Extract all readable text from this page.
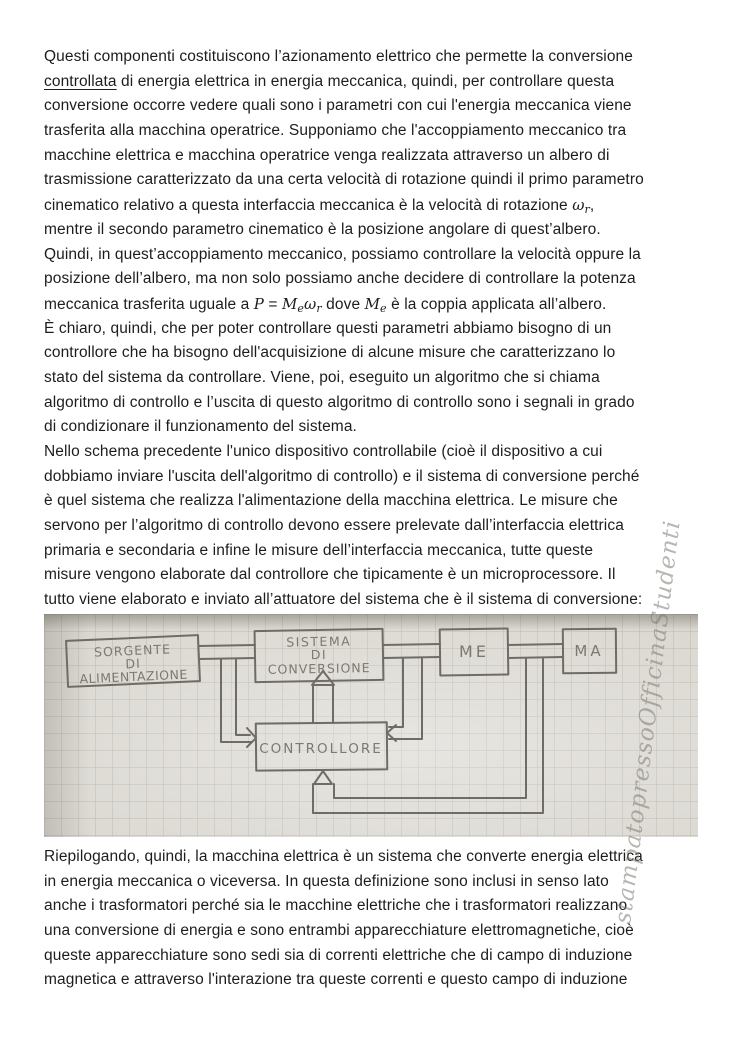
Questi componenti costituiscono l’azionamento elettrico che permette la conversione
controllata di energia elettrica in energia meccanica, quindi, per controllare questa
conversione occorre vedere quali sono i parametri con cui l'energia meccanica viene
trasferita alla macchina operatrice. Supponiamo che l'accoppiamento meccanico tra
macchine elettrica e macchina operatrice venga realizzata attraverso un albero di
trasmissione caratterizzato da una certa velocità di rotazione quindi il primo parametro
cinematico relativo a questa interfaccia meccanica è la velocità di rotazione ωr,
mentre il secondo parametro cinematico è la posizione angolare di quest’albero.
Quindi, in quest’accoppiamento meccanico, possiamo controllare la velocità oppure la
posizione dell’albero, ma non solo possiamo anche decidere di controllare la potenza
meccanica trasferita uguale a P = Meωr dove Me è la coppia applicata all’albero.
È chiaro, quindi, che per poter controllare questi parametri abbiamo bisogno di un
controllore che ha bisogno dell'acquisizione di alcune misure che caratterizzano lo
stato del sistema da controllare. Viene, poi, eseguito un algoritmo che si chiama
algoritmo di controllo e l’uscita di questo algoritmo di controllo sono i segnali in grado
di condizionare il funzionamento del sistema.
Nello schema precedente l'unico dispositivo controllabile (cioè il dispositivo a cui
dobbiamo inviare l'uscita dell'algoritmo di controllo) e il sistema di conversione perché
è quel sistema che realizza l'alimentazione della macchina elettrica. Le misure che
servono per l’algoritmo di controllo devono essere prelevate dall’interfaccia elettrica
primaria e secondaria e infine le misure dell’interfaccia meccanica, tutte queste
misure vengono elaborate dal controllore che tipicamente è un microprocessore. Il
tutto viene elaborato e inviato all’attuatore del sistema che è il sistema di conversione:
SORGENTE
DI
ALIMENTAZIONE
SISTEMA
DI
CONVERSIONE
ME	MA
CONTROLLORE
Riepilogando, quindi, la macchina elettrica è un sistema che converte energia elettrica
in energia meccanica o viceversa. In questa definizione sono inclusi in senso lato
anche i trasformatori perché sia le macchine elettriche che i trasformatori realizzano
una conversione di energia e sono entrambi apparecchiature elettromagnetiche, cioè
queste apparecchiature sono sedi sia di correnti elettriche che di campo di induzione
magnetica e attraverso l'interazione tra queste correnti e questo campo di induzione
stampatopressoOfficinaStudenti
